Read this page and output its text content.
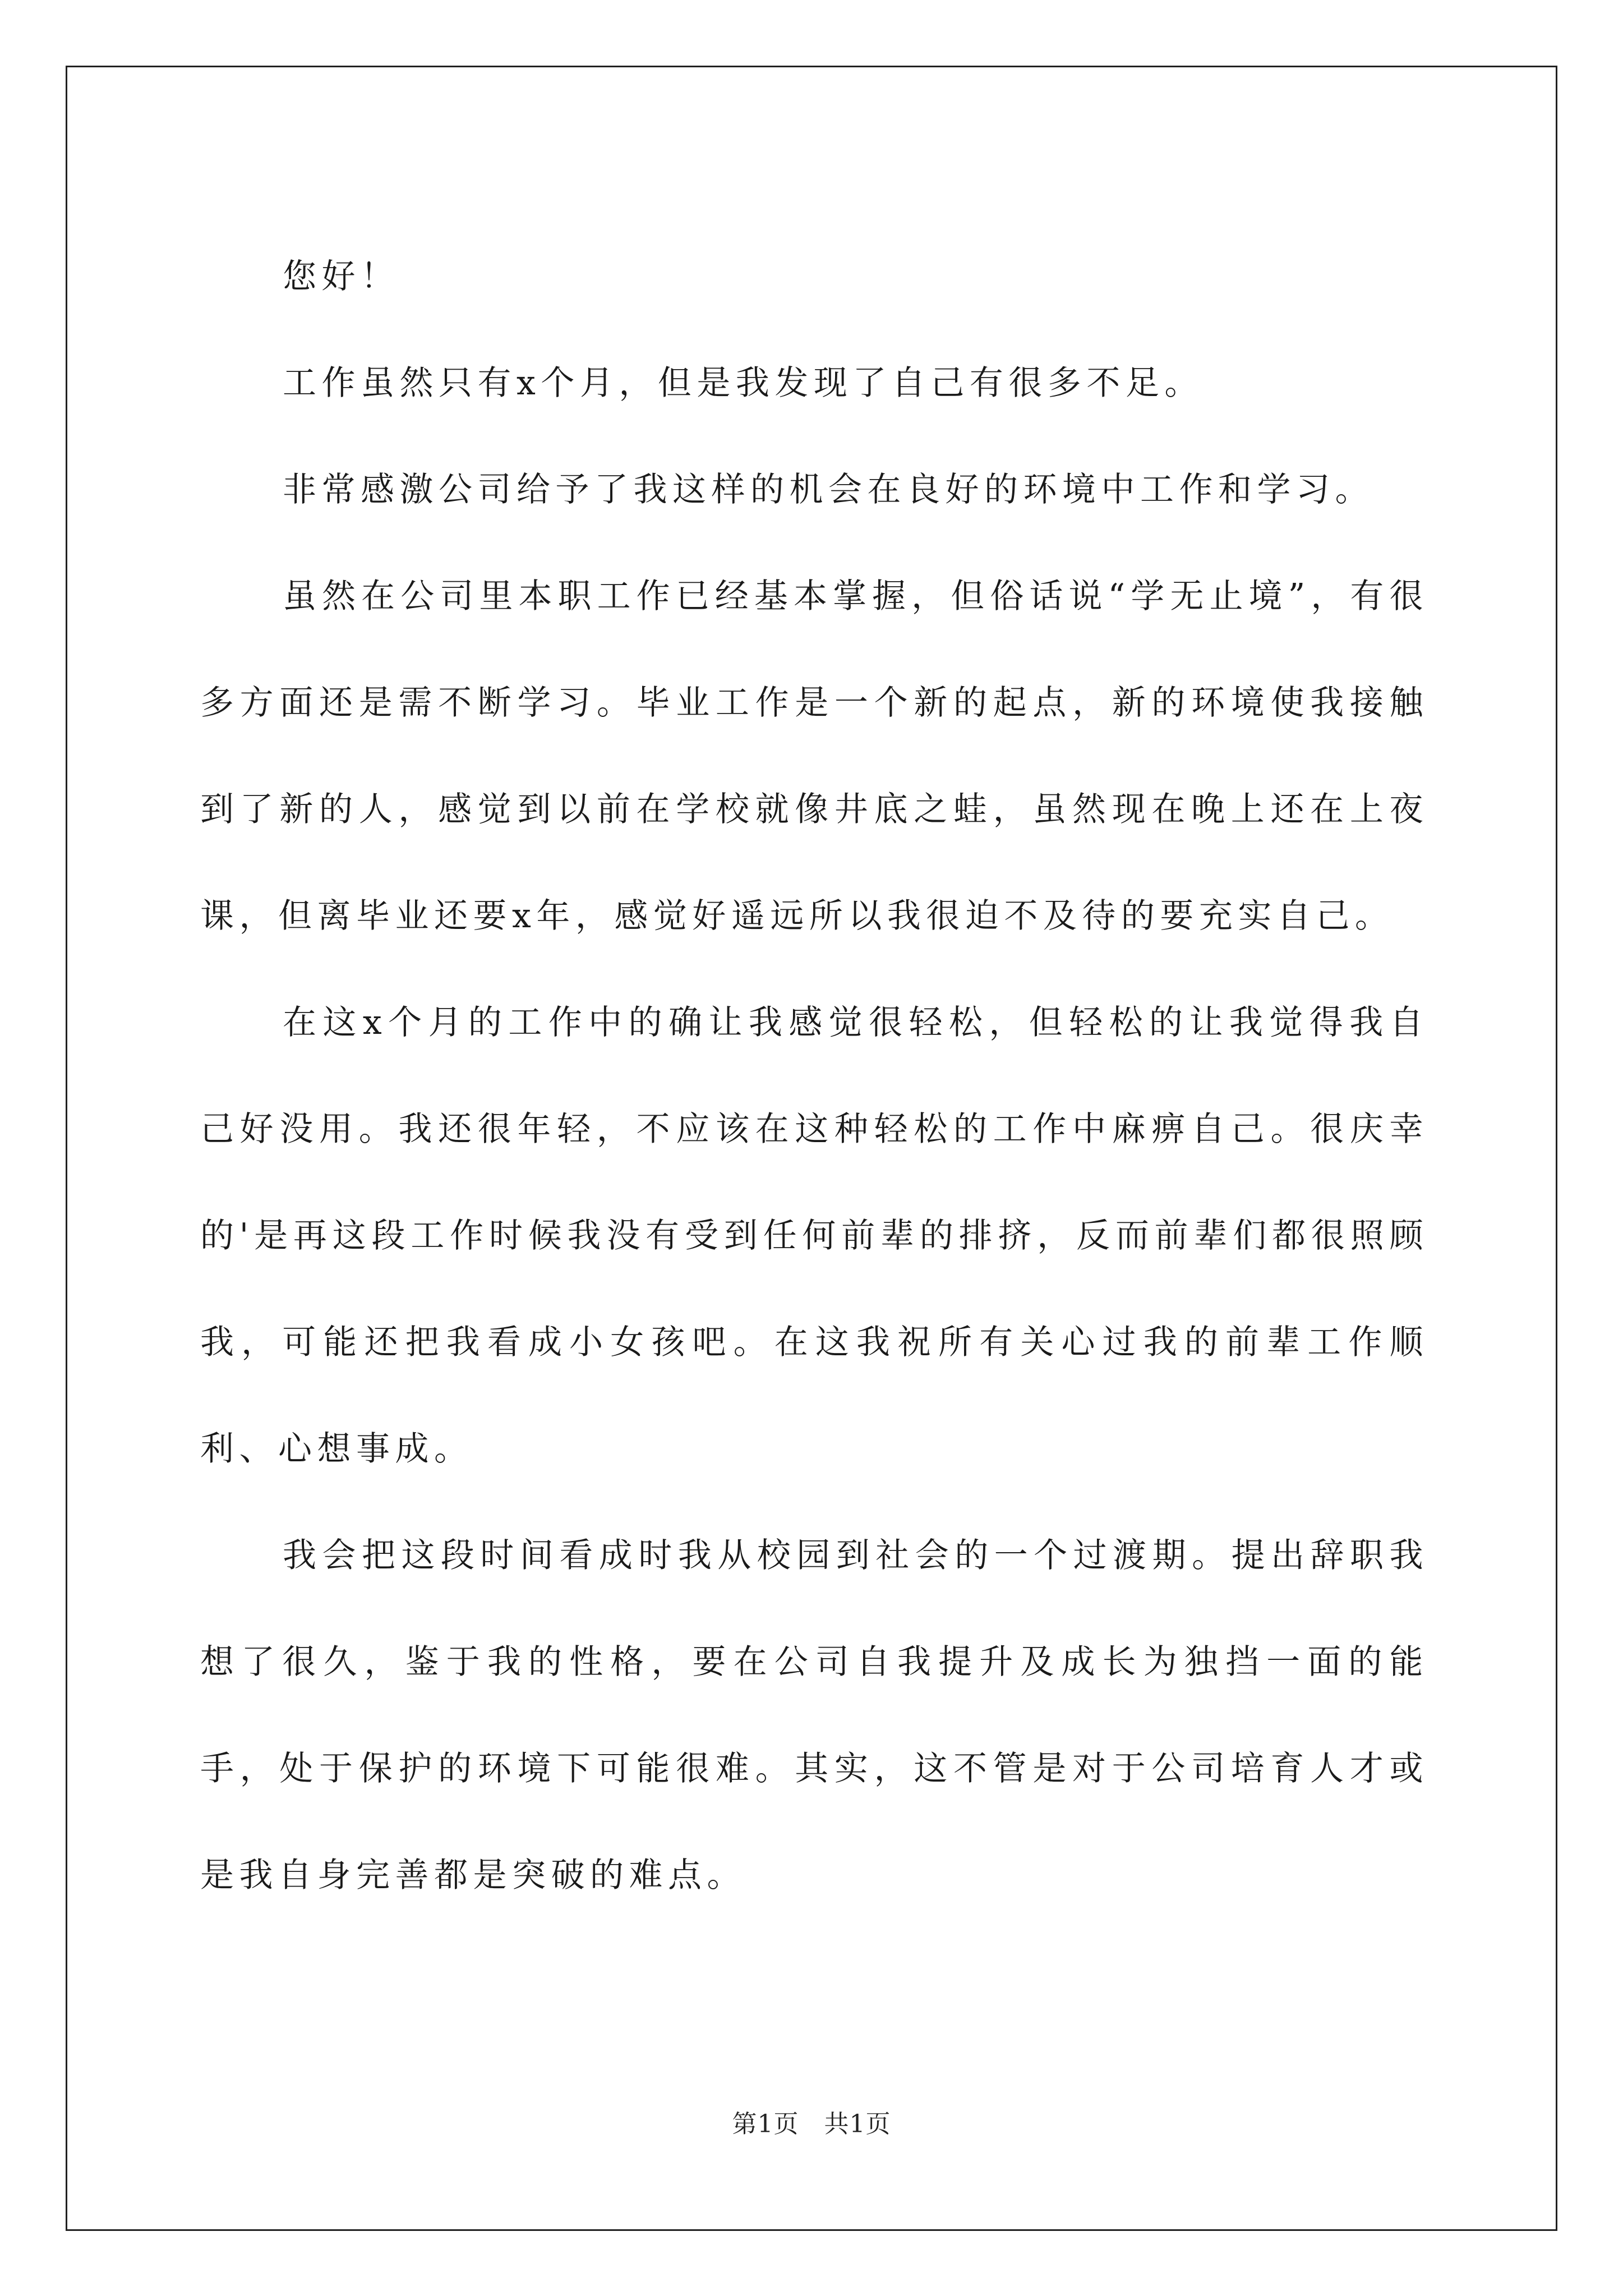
您好！

工作虽然只有x个月，但是我发现了自己有很多不足。

非常感激公司给予了我这样的机会在良好的环境中工作和学习。

虽然在公司里本职工作已经基本掌握，但俗话说“学无止境”，有很多方面还是需不断学习。毕业工作是一个新的起点，新的环境使我接触到了新的人，感觉到以前在学校就像井底之蛙，虽然现在晚上还在上夜课，但离毕业还要x年，感觉好遥远所以我很迫不及待的要充实自己。

在这x个月的工作中的确让我感觉很轻松，但轻松的让我觉得我自己好没用。我还很年轻，不应该在这种轻松的工作中麻痹自己。很庆幸的'是再这段工作时候我没有受到任何前辈的排挤，反而前辈们都很照顾我，可能还把我看成小女孩吧。在这我祝所有关心过我的前辈工作顺利、心想事成。

我会把这段时间看成时我从校园到社会的一个过渡期。提出辞职我想了很久，鉴于我的性格，要在公司自我提升及成长为独挡一面的能手，处于保护的环境下可能很难。其实，这不管是对于公司培育人才或是我自身完善都是突破的难点。

第1页　共1页
